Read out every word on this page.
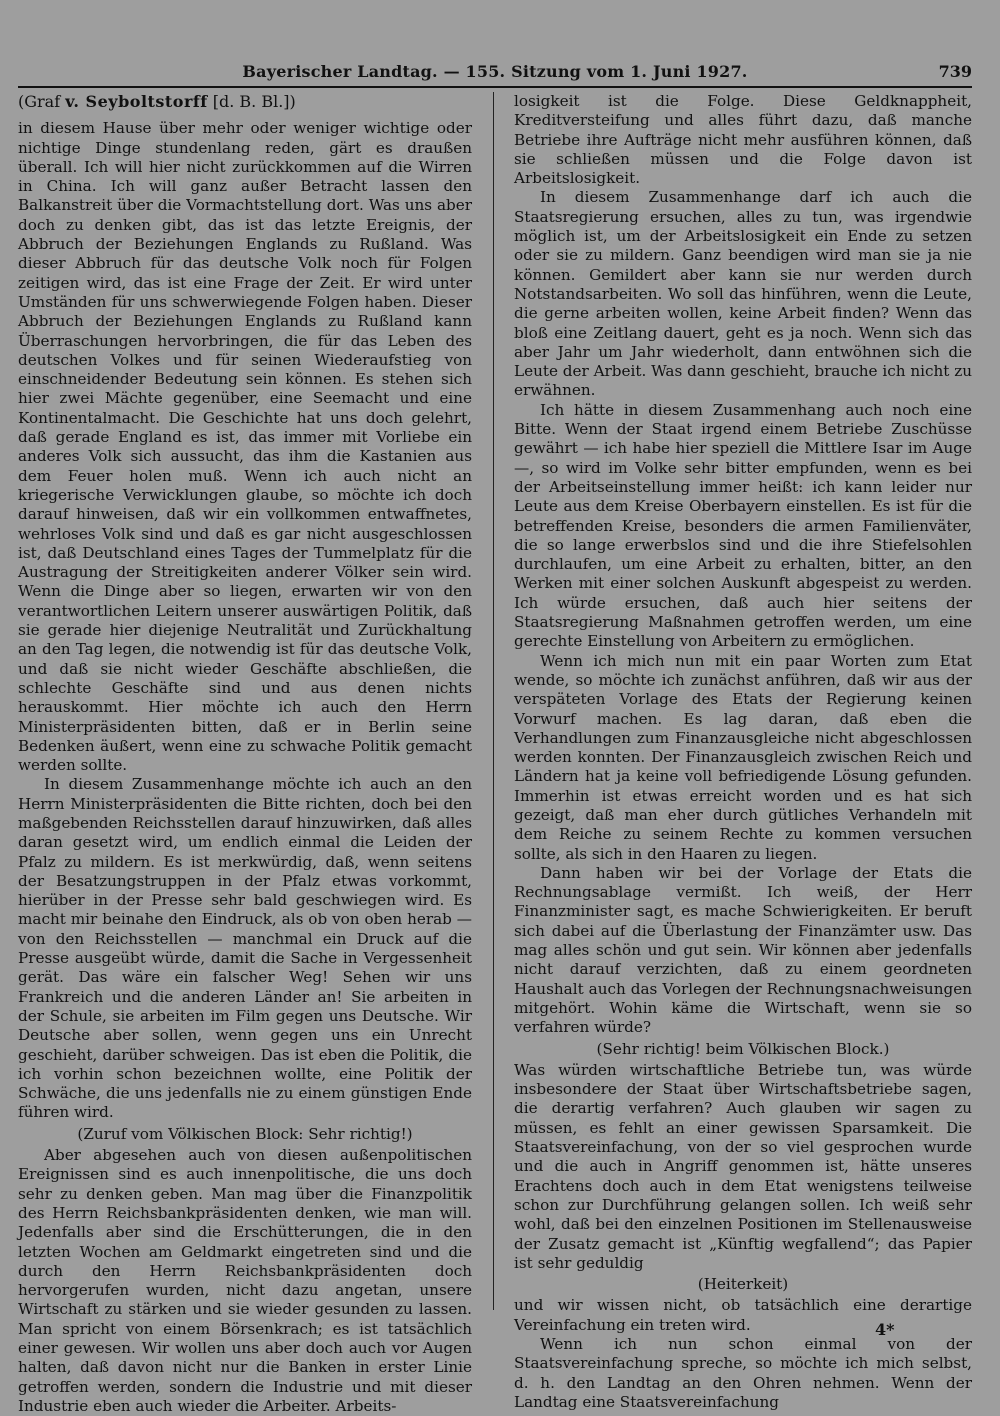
Bayerischer Landtag. — 155. Sitzung vom 1. Juni 1927.	739

(Graf v. Seyboltstorff [d. B. Bl.])

in diesem Hause über mehr oder weniger wichtige oder nichtige Dinge stundenlang reden, gärt es draußen überall. Ich will hier nicht zurückkommen auf die Wirren in China. Ich will ganz außer Betracht lassen den Balkanstreit über die Vormachtstellung dort. Was uns aber doch zu denken gibt, das ist das letzte Ereignis, der Abbruch der Beziehungen Englands zu Rußland. Was dieser Abbruch für das deutsche Volk noch für Folgen zeitigen wird, das ist eine Frage der Zeit. Er wird unter Umständen für uns schwerwiegende Folgen haben. Dieser Abbruch der Beziehungen Englands zu Rußland kann Überraschungen hervorbringen, die für das Leben des deutschen Volkes und für seinen Wiederaufstieg von einschneidender Bedeutung sein können. Es stehen sich hier zwei Mächte gegenüber, eine Seemacht und eine Kontinentalmacht. Die Geschichte hat uns doch gelehrt, daß gerade England es ist, das immer mit Vorliebe ein anderes Volk sich aussucht, das ihm die Kastanien aus dem Feuer holen muß. Wenn ich auch nicht an kriegerische Verwicklungen glaube, so möchte ich doch darauf hinweisen, daß wir ein vollkommen entwaffnetes, wehrloses Volk sind und daß es gar nicht ausgeschlossen ist, daß Deutschland eines Tages der Tummelplatz für die Austragung der Streitigkeiten anderer Völker sein wird. Wenn die Dinge aber so liegen, erwarten wir von den verantwortlichen Leitern unserer auswärtigen Politik, daß sie gerade hier diejenige Neutralität und Zurückhaltung an den Tag legen, die notwendig ist für das deutsche Volk, und daß sie nicht wieder Geschäfte abschließen, die schlechte Geschäfte sind und aus denen nichts herauskommt. Hier möchte ich auch den Herrn Ministerpräsidenten bitten, daß er in Berlin seine Bedenken äußert, wenn eine zu schwache Politik gemacht werden sollte.

In diesem Zusammenhange möchte ich auch an den Herrn Ministerpräsidenten die Bitte richten, doch bei den maßgebenden Reichsstellen darauf hinzuwirken, daß alles daran gesetzt wird, um endlich einmal die Leiden der Pfalz zu mildern. Es ist merkwürdig, daß, wenn seitens der Besatzungstruppen in der Pfalz etwas vorkommt, hierüber in der Presse sehr bald geschwiegen wird. Es macht mir beinahe den Eindruck, als ob von oben herab — von den Reichsstellen — manchmal ein Druck auf die Presse ausgeübt würde, damit die Sache in Vergessenheit gerät. Das wäre ein falscher Weg! Sehen wir uns Frankreich und die anderen Länder an! Sie arbeiten in der Schule, sie arbeiten im Film gegen uns Deutsche. Wir Deutsche aber sollen, wenn gegen uns ein Unrecht geschieht, darüber schweigen. Das ist eben die Politik, die ich vorhin schon bezeichnen wollte, eine Politik der Schwäche, die uns jedenfalls nie zu einem günstigen Ende führen wird.

(Zuruf vom Völkischen Block: Sehr richtig!)

Aber abgesehen auch von diesen außenpolitischen Ereignissen sind es auch innenpolitische, die uns doch sehr zu denken geben. Man mag über die Finanzpolitik des Herrn Reichsbankpräsidenten denken, wie man will. Jedenfalls aber sind die Erschütterungen, die in den letzten Wochen am Geldmarkt eingetreten sind und die durch den Herrn Reichsbankpräsidenten doch hervorgerufen wurden, nicht dazu angetan, unsere Wirtschaft zu stärken und sie wieder gesunden zu lassen. Man spricht von einem Börsenkrach; es ist tatsächlich einer gewesen. Wir wollen uns aber doch auch vor Augen halten, daß davon nicht nur die Banken in erster Linie getroffen werden, sondern die Industrie und mit dieser Industrie eben auch wieder die Arbeiter. Arbeits-

losigkeit ist die Folge. Diese Geldknappheit, Kreditversteifung und alles führt dazu, daß manche Betriebe ihre Aufträge nicht mehr ausführen können, daß sie schließen müssen und die Folge davon ist Arbeitslosigkeit.

In diesem Zusammenhange darf ich auch die Staatsregierung ersuchen, alles zu tun, was irgendwie möglich ist, um der Arbeitslosigkeit ein Ende zu setzen oder sie zu mildern. Ganz beendigen wird man sie ja nie können. Gemildert aber kann sie nur werden durch Notstandsarbeiten. Wo soll das hinführen, wenn die Leute, die gerne arbeiten wollen, keine Arbeit finden? Wenn das bloß eine Zeitlang dauert, geht es ja noch. Wenn sich das aber Jahr um Jahr wiederholt, dann entwöhnen sich die Leute der Arbeit. Was dann geschieht, brauche ich nicht zu erwähnen.

Ich hätte in diesem Zusammenhang auch noch eine Bitte. Wenn der Staat irgend einem Betriebe Zuschüsse gewährt — ich habe hier speziell die Mittlere Isar im Auge —, so wird im Volke sehr bitter empfunden, wenn es bei der Arbeitseinstellung immer heißt: ich kann leider nur Leute aus dem Kreise Oberbayern einstellen. Es ist für die betreffenden Kreise, besonders die armen Familienväter, die so lange erwerbslos sind und die ihre Stiefelsohlen durchlaufen, um eine Arbeit zu erhalten, bitter, an den Werken mit einer solchen Auskunft abgespeist zu werden. Ich würde ersuchen, daß auch hier seitens der Staatsregierung Maßnahmen getroffen werden, um eine gerechte Einstellung von Arbeitern zu ermöglichen.

Wenn ich mich nun mit ein paar Worten zum Etat wende, so möchte ich zunächst anführen, daß wir aus der verspäteten Vorlage des Etats der Regierung keinen Vorwurf machen. Es lag daran, daß eben die Verhandlungen zum Finanzausgleiche nicht abgeschlossen werden konnten. Der Finanzausgleich zwischen Reich und Ländern hat ja keine voll befriedigende Lösung gefunden. Immerhin ist etwas erreicht worden und es hat sich gezeigt, daß man eher durch gütliches Verhandeln mit dem Reiche zu seinem Rechte zu kommen versuchen sollte, als sich in den Haaren zu liegen.

Dann haben wir bei der Vorlage der Etats die Rechnungsablage vermißt. Ich weiß, der Herr Finanzminister sagt, es mache Schwierigkeiten. Er beruft sich dabei auf die Überlastung der Finanzämter usw. Das mag alles schön und gut sein. Wir können aber jedenfalls nicht darauf verzichten, daß zu einem geordneten Haushalt auch das Vorlegen der Rechnungsnachweisungen mitgehört. Wohin käme die Wirtschaft, wenn sie so verfahren würde?

(Sehr richtig! beim Völkischen Block.)

Was würden wirtschaftliche Betriebe tun, was würde insbesondere der Staat über Wirtschaftsbetriebe sagen, die derartig verfahren? Auch glauben wir sagen zu müssen, es fehlt an einer gewissen Sparsamkeit. Die Staatsvereinfachung, von der so viel gesprochen wurde und die auch in Angriff genommen ist, hätte unseres Erachtens doch auch in dem Etat wenigstens teilweise schon zur Durchführung gelangen sollen. Ich weiß sehr wohl, daß bei den einzelnen Positionen im Stellenausweise der Zusatz gemacht ist „Künftig wegfallend“; das Papier ist sehr geduldig

(Heiterkeit)

und wir wissen nicht, ob tatsächlich eine derartige Vereinfachung ein treten wird.

Wenn ich nun schon einmal von der Staatsvereinfachung spreche, so möchte ich mich selbst, d. h. den Landtag an den Ohren nehmen. Wenn der Landtag eine Staatsvereinfachung

4*
